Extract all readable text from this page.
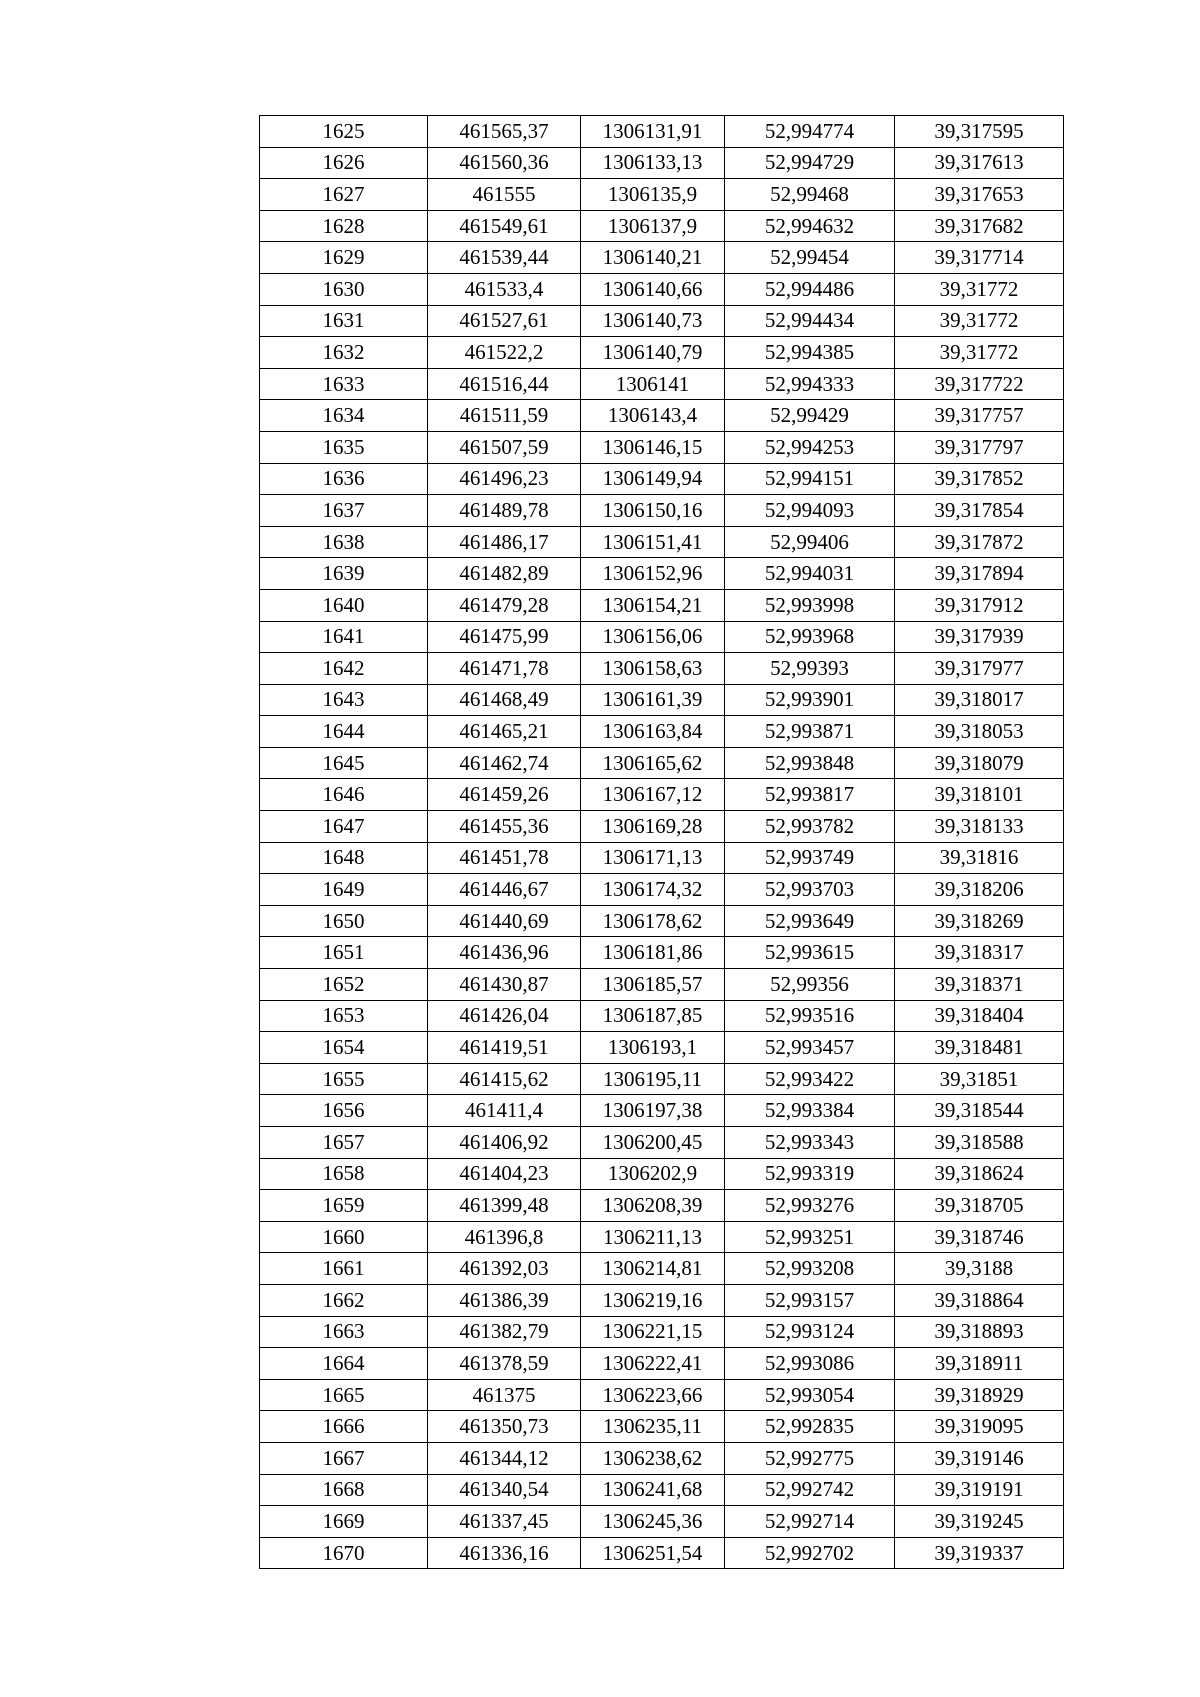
1625	461565,37	1306131,91	52,994774	39,317595
1626	461560,36	1306133,13	52,994729	39,317613
1627	461555	1306135,9	52,99468	39,317653
1628	461549,61	1306137,9	52,994632	39,317682
1629	461539,44	1306140,21	52,99454	39,317714
1630	461533,4	1306140,66	52,994486	39,31772
1631	461527,61	1306140,73	52,994434	39,31772
1632	461522,2	1306140,79	52,994385	39,31772
1633	461516,44	1306141	52,994333	39,317722
1634	461511,59	1306143,4	52,99429	39,317757
1635	461507,59	1306146,15	52,994253	39,317797
1636	461496,23	1306149,94	52,994151	39,317852
1637	461489,78	1306150,16	52,994093	39,317854
1638	461486,17	1306151,41	52,99406	39,317872
1639	461482,89	1306152,96	52,994031	39,317894
1640	461479,28	1306154,21	52,993998	39,317912
1641	461475,99	1306156,06	52,993968	39,317939
1642	461471,78	1306158,63	52,99393	39,317977
1643	461468,49	1306161,39	52,993901	39,318017
1644	461465,21	1306163,84	52,993871	39,318053
1645	461462,74	1306165,62	52,993848	39,318079
1646	461459,26	1306167,12	52,993817	39,318101
1647	461455,36	1306169,28	52,993782	39,318133
1648	461451,78	1306171,13	52,993749	39,31816
1649	461446,67	1306174,32	52,993703	39,318206
1650	461440,69	1306178,62	52,993649	39,318269
1651	461436,96	1306181,86	52,993615	39,318317
1652	461430,87	1306185,57	52,99356	39,318371
1653	461426,04	1306187,85	52,993516	39,318404
1654	461419,51	1306193,1	52,993457	39,318481
1655	461415,62	1306195,11	52,993422	39,31851
1656	461411,4	1306197,38	52,993384	39,318544
1657	461406,92	1306200,45	52,993343	39,318588
1658	461404,23	1306202,9	52,993319	39,318624
1659	461399,48	1306208,39	52,993276	39,318705
1660	461396,8	1306211,13	52,993251	39,318746
1661	461392,03	1306214,81	52,993208	39,3188
1662	461386,39	1306219,16	52,993157	39,318864
1663	461382,79	1306221,15	52,993124	39,318893
1664	461378,59	1306222,41	52,993086	39,318911
1665	461375	1306223,66	52,993054	39,318929
1666	461350,73	1306235,11	52,992835	39,319095
1667	461344,12	1306238,62	52,992775	39,319146
1668	461340,54	1306241,68	52,992742	39,319191
1669	461337,45	1306245,36	52,992714	39,319245
1670	461336,16	1306251,54	52,992702	39,319337
